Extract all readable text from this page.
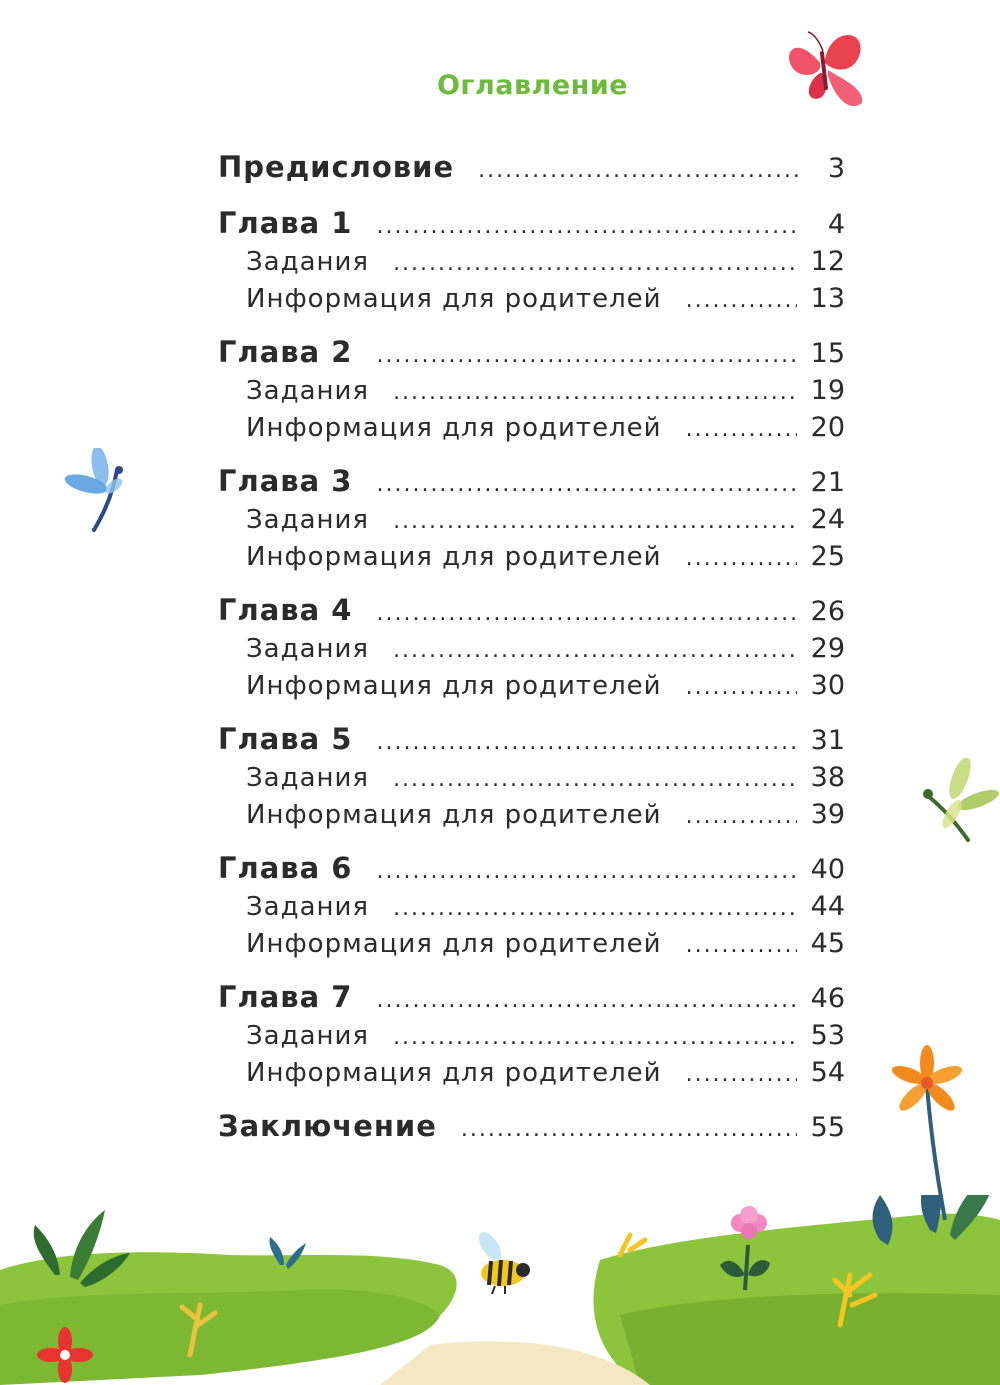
Оглавление
Предисловие .....	3
Глава 1 .....	4
Задания .....	12
Информация для родителей .....	13
Глава 2 .....	15
Задания .....	19
Информация для родителей .....	20
Глава 3 .....	21
Задания .....	24
Информация для родителей .....	25
Глава 4 .....	26
Задания .....	29
Информация для родителей .....	30
Глава 5 .....	31
Задания .....	38
Информация для родителей .....	39
Глава 6 .....	40
Задания .....	44
Информация для родителей .....	45
Глава 7 .....	46
Задания .....	53
Информация для родителей .....	54
Заключение .....	55
